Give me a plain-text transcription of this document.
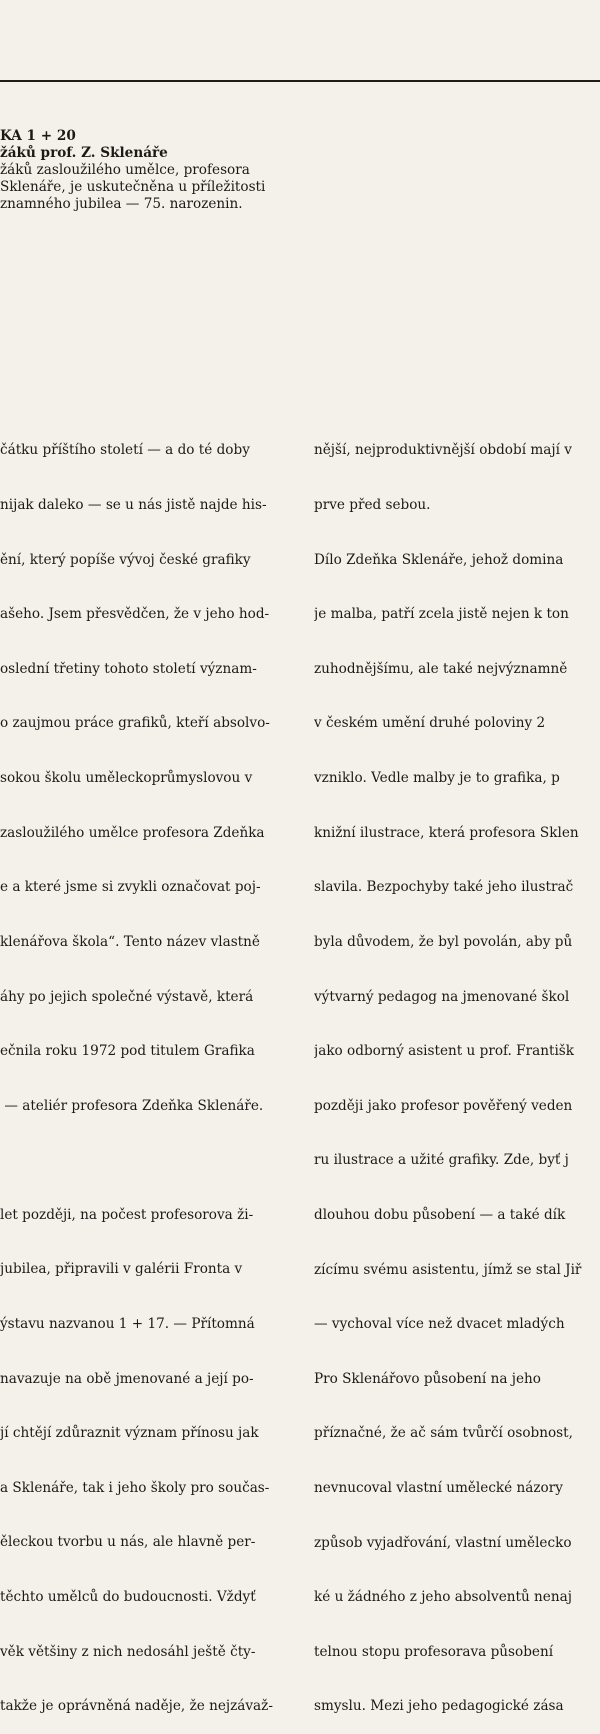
KA 1 + 20
žáků prof. Z. Sklenáře
žáků zasloužilého umělce, profesora
Sklenáře, je uskutečněna u příležitosti
znamného jubilea — 75. narozenin.

čátku příštího století — a do té doby

nijak daleko — se u nás jistě najde his-

ění, který popíše vývoj české grafiky

ašeho. Jsem přesvědčen, že v jeho hod-

oslední třetiny tohoto století význam-

o zaujmou práce grafiků, kteří absolvo-

sokou školu uměleckoprůmyslovou v

zasloužilého umělce profesora Zdeňka

e a které jsme si zvykli označovat poj-

klenářova škola“. Tento název vlastně

áhy po jejich společné výstavě, která

ečnila roku 1972 pod titulem Grafika

— ateliér profesora Zdeňka Sklenáře.

let později, na počest profesorova ži-

jubilea, připravili v galérii Fronta v

ýstavu nazvanou 1 + 17. — Přítomná

navazuje na obě jmenované a její po-

jí chtějí zdůraznit význam přínosu jak

a Sklenáře, tak i jeho školy pro součas-

ěleckou tvorbu u nás, ale hlavně per-

těchto umělců do budoucnosti. Vždyť

věk většiny z nich nedosáhl ještě čty-

takže je oprávněná naděje, že nejzávaž-

nější, nejproduktivnější období mají v

prve před sebou.

Dílo Zdeňka Sklenáře, jehož domina

je malba, patří zcela jistě nejen k ton

zuhodnějšímu, ale také nejvýznamně

v českém umění druhé poloviny 2

vzniklo. Vedle malby je to grafika, p

knižní ilustrace, která profesora Sklen

slavila. Bezpochyby také jeho ilustrač

byla důvodem, že byl povolán, aby pů

výtvarný pedagog na jmenované škol

jako odborný asistent u prof. Františk

později jako profesor pověřený veden

ru ilustrace a užité grafiky. Zde, byť j

dlouhou dobu působení — a také dík

zícímu svému asistentu, jímž se stal Jiř

— vychoval více než dvacet mladých

Pro Sklenářovo působení na jeho

příznačné, že ač sám tvůrčí osobnost,

nevnucoval vlastní umělecké názory

způsob vyjadřování, vlastní umělecko

ké u žádného z jeho absolventů nenaj

telnou stopu profesorava působení

smyslu. Mezi jeho pedagogické zása
